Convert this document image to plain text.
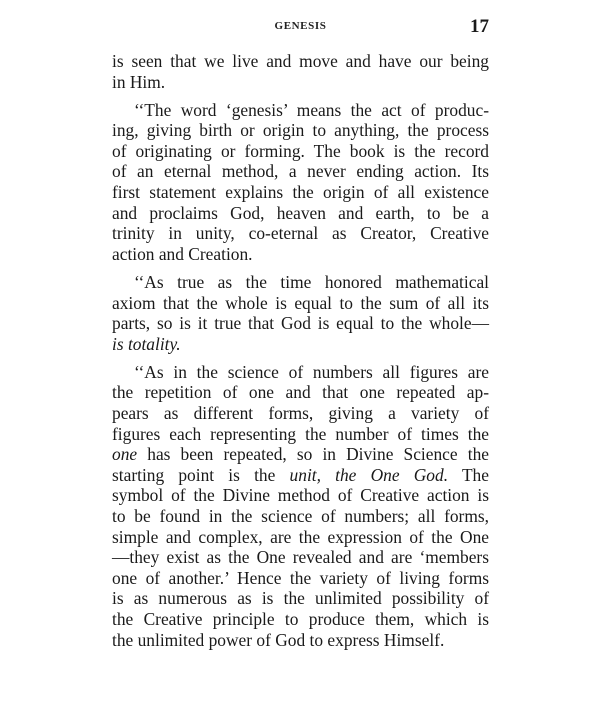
GENESIS	17

is seen that we live and move and have our being
in Him.

‘‘The word ‘genesis’ means the act of produc-
ing, giving birth or origin to anything, the process
of originating or forming. The book is the record
of an eternal method, a never ending action. Its
first statement explains the origin of all existence
and proclaims God, heaven and earth, to be a
trinity in unity, co-eternal as Creator, Creative
action and Creation.

‘‘As true as the time honored mathematical
axiom that the whole is equal to the sum of all its
parts, so is it true that God is equal to the whole—
is totality.

‘‘As in the science of numbers all figures are
the repetition of one and that one repeated ap-
pears as different forms, giving a variety of
figures each representing the number of times the
one has been repeated, so in Divine Science the
starting point is the unit, the One God. The
symbol of the Divine method of Creative action is
to be found in the science of numbers; all forms,
simple and complex, are the expression of the One
—they exist as the One revealed and are ‘members
one of another.’ Hence the variety of living forms
is as numerous as is the unlimited possibility of
the Creative principle to produce them, which is
the unlimited power of God to express Himself.
